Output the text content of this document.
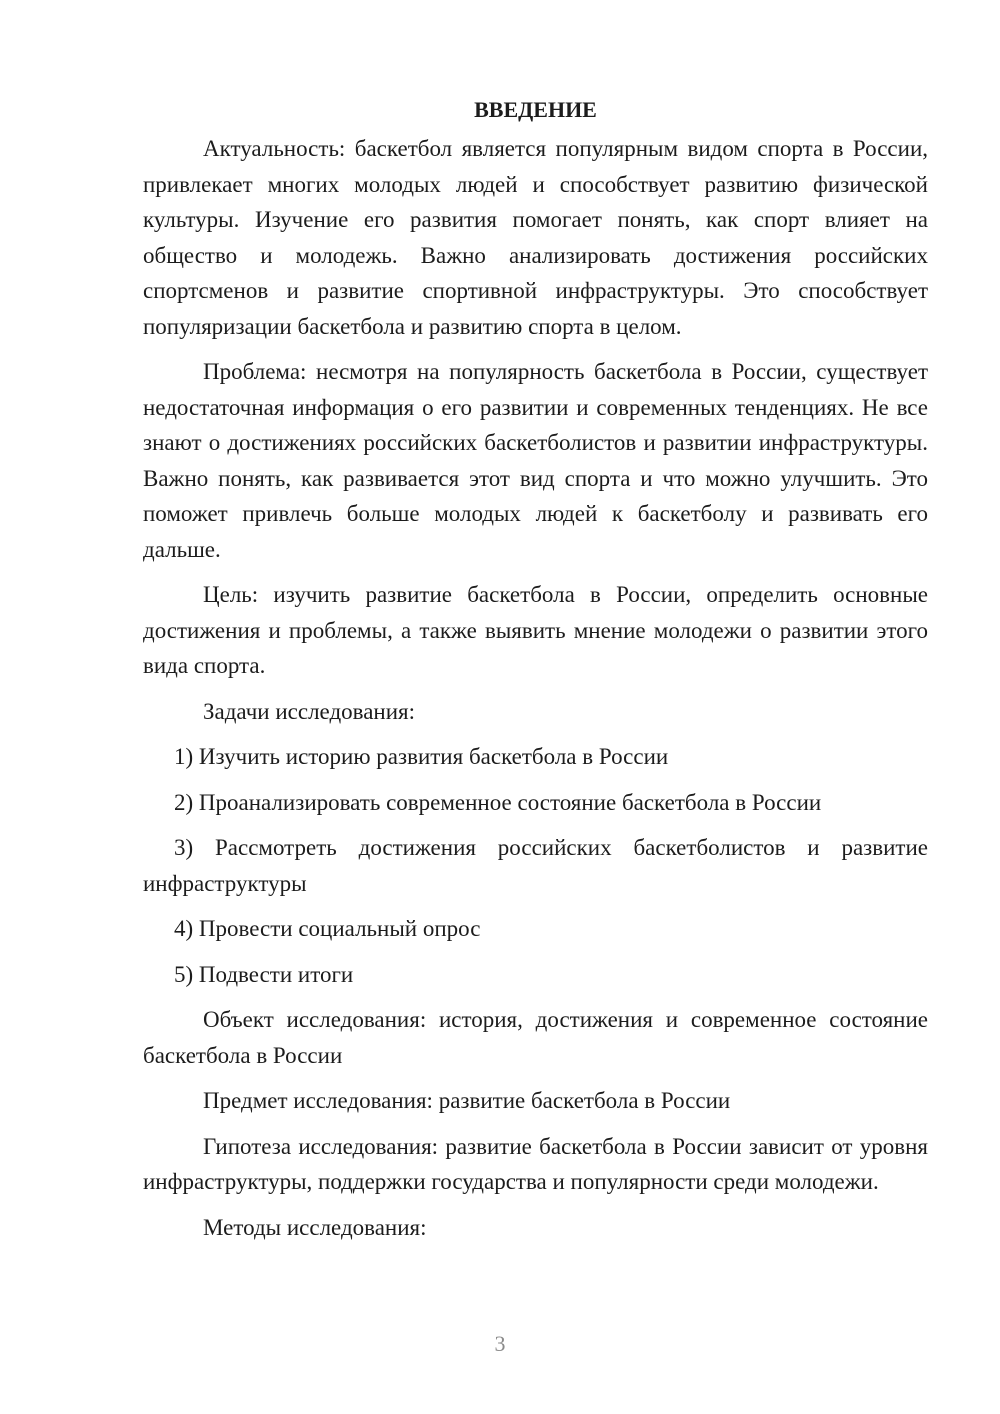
ВВЕДЕНИЕ
Актуальность: баскетбол является популярным видом спорта в России, привлекает многих молодых людей и способствует развитию физической культуры. Изучение его развития помогает понять, как спорт влияет на общество и молодежь. Важно анализировать достижения российских спортсменов и развитие спортивной инфраструктуры. Это способствует популяризации баскетбола и развитию спорта в целом.
Проблема: несмотря на популярность баскетбола в России, существует недостаточная информация о его развитии и современных тенденциях. Не все знают о достижениях российских баскетболистов и развитии инфраструктуры. Важно понять, как развивается этот вид спорта и что можно улучшить. Это поможет привлечь больше молодых людей к баскетболу и развивать его дальше.
Цель: изучить развитие баскетбола в России, определить основные достижения и проблемы, а также выявить мнение молодежи о развитии этого вида спорта.
Задачи исследования:
1) Изучить историю развития баскетбола в России
2) Проанализировать современное состояние баскетбола в России
3) Рассмотреть достижения российских баскетболистов и развитие инфраструктуры
4) Провести социальный опрос
5) Подвести итоги
Объект исследования: история, достижения и современное состояние баскетбола в России
Предмет исследования: развитие баскетбола в России
Гипотеза исследования: развитие баскетбола в России зависит от уровня инфраструктуры, поддержки государства и популярности среди молодежи.
Методы исследования:
3
